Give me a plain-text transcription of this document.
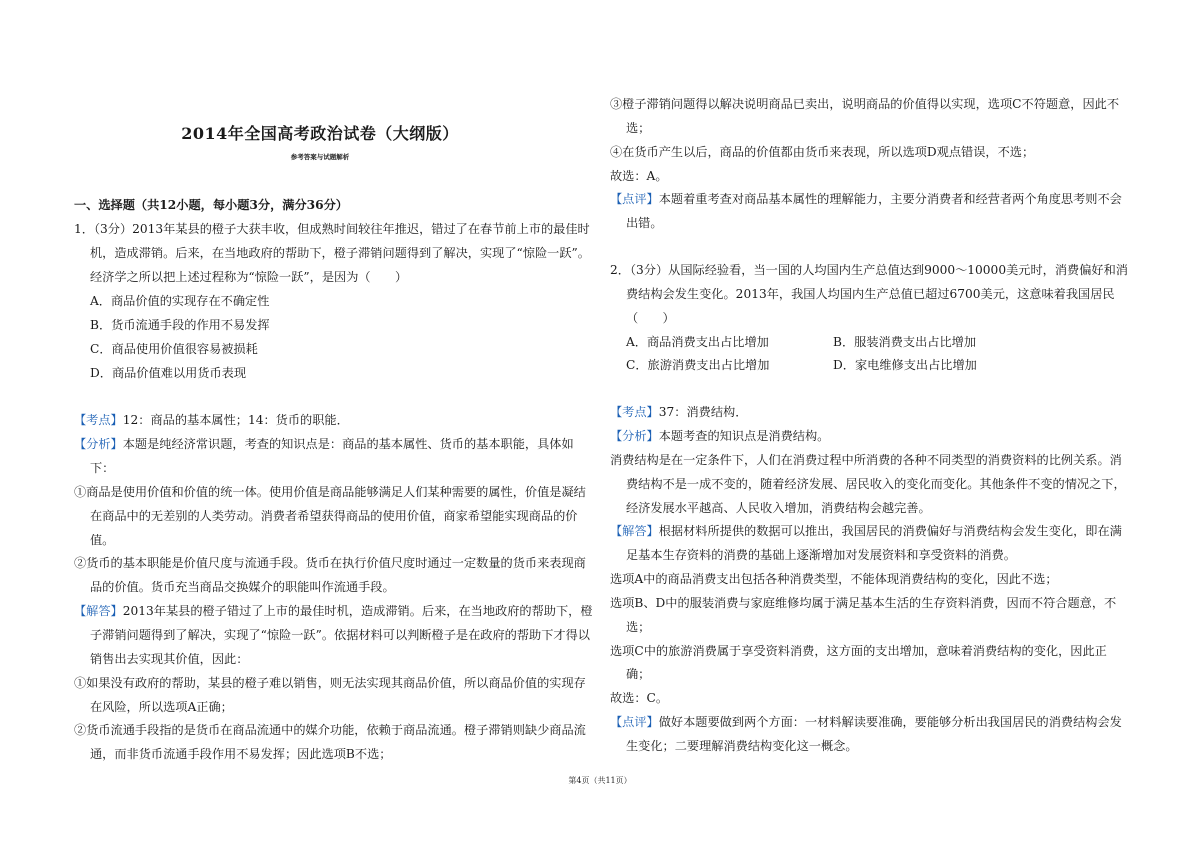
2014年全国高考政治试卷（大纲版）
参考答案与试题解析
一、选择题（共12小题，每小题3分，满分36分）
1．（3分）2013年某县的橙子大获丰收，但成熟时间较往年推迟，错过了在春节前上市的最佳时
机，造成滞销。后来，在当地政府的帮助下，橙子滞销问题得到了解决，实现了“惊险一跃”。
经济学之所以把上述过程称为“惊险一跃”，是因为（　　）
A．商品价值的实现存在不确定性
B．货币流通手段的作用不易发挥
C．商品使用价值很容易被损耗
D．商品价值难以用货币表现
【考点】12：商品的基本属性；14：货币的职能．
【分析】本题是纯经济常识题，考查的知识点是：商品的基本属性、货币的基本职能，具体如
下：
①商品是使用价值和价值的统一体。使用价值是商品能够满足人们某种需要的属性，价值是凝结
在商品中的无差别的人类劳动。消费者希望获得商品的使用价值，商家希望能实现商品的价
值。
②货币的基本职能是价值尺度与流通手段。货币在执行价值尺度时通过一定数量的货币来表现商
品的价值。货币充当商品交换媒介的职能叫作流通手段。
【解答】2013年某县的橙子错过了上市的最佳时机，造成滞销。后来，在当地政府的帮助下，橙
子滞销问题得到了解决，实现了“惊险一跃”。依据材料可以判断橙子是在政府的帮助下才得以
销售出去实现其价值，因此：
①如果没有政府的帮助，某县的橙子难以销售，则无法实现其商品价值，所以商品价值的实现存
在风险，所以选项A正确；
②货币流通手段指的是货币在商品流通中的媒介功能，依赖于商品流通。橙子滞销则缺少商品流
通，而非货币流通手段作用不易发挥；因此选项B不选；
③橙子滞销问题得以解决说明商品已卖出，说明商品的价值得以实现，选项C不符题意，因此不
选；
④在货币产生以后，商品的价值都由货币来表现，所以选项D观点错误，不选；
故选：A。
【点评】本题着重考查对商品基本属性的理解能力，主要分消费者和经营者两个角度思考则不会
出错。
2．（3分）从国际经验看，当一国的人均国内生产总值达到9000～10000美元时，消费偏好和消
费结构会发生变化。2013年，我国人均国内生产总值已超过6700美元，这意味着我国居民
（　　）
A．商品消费支出占比增加	B．服装消费支出占比增加
C．旅游消费支出占比增加	D．家电维修支出占比增加
【考点】37：消费结构．
【分析】本题考查的知识点是消费结构。
消费结构是在一定条件下，人们在消费过程中所消费的各种不同类型的消费资料的比例关系。消
费结构不是一成不变的，随着经济发展、居民收入的变化而变化。其他条件不变的情况之下，
经济发展水平越高、人民收入增加，消费结构会越完善。
【解答】根据材料所提供的数据可以推出，我国居民的消费偏好与消费结构会发生变化，即在满
足基本生存资料的消费的基础上逐渐增加对发展资料和享受资料的消费。
选项A中的商品消费支出包括各种消费类型，不能体现消费结构的变化，因此不选；
选项B、D中的服装消费与家庭维修均属于满足基本生活的生存资料消费，因而不符合题意，不
选；
选项C中的旅游消费属于享受资料消费，这方面的支出增加，意味着消费结构的变化，因此正
确；
故选：C。
【点评】做好本题要做到两个方面：一材料解读要准确，要能够分析出我国居民的消费结构会发
生变化；二要理解消费结构变化这一概念。
第4页（共11页）
